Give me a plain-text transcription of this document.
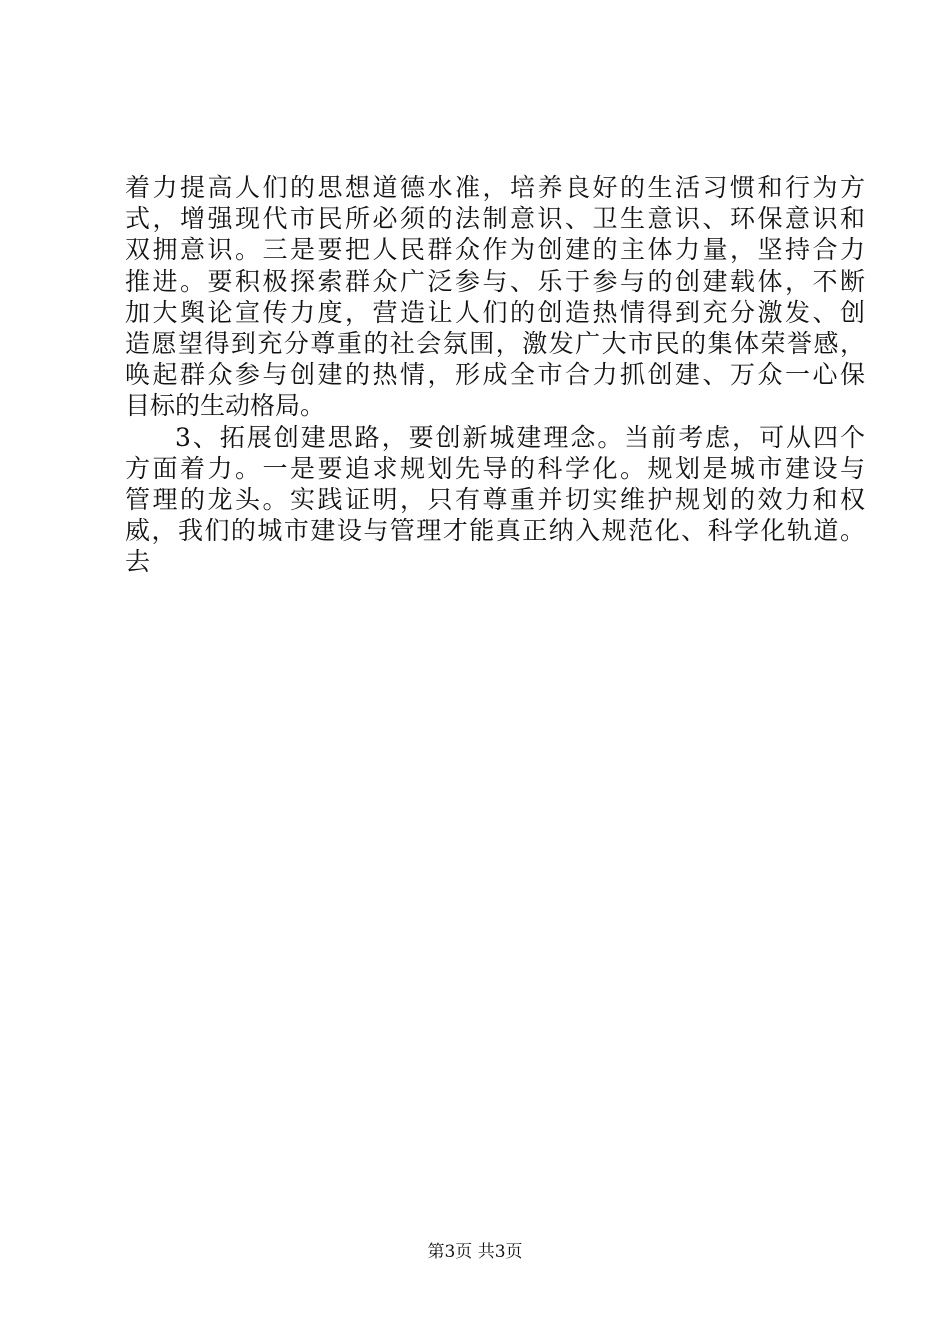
着力提高人们的思想道德水准，培养良好的生活习惯和行为方
式，增强现代市民所必须的法制意识、卫生意识、环保意识和
双拥意识。三是要把人民群众作为创建的主体力量，坚持合力
推进。要积极探索群众广泛参与、乐于参与的创建载体，不断
加大舆论宣传力度，营造让人们的创造热情得到充分激发、创
造愿望得到充分尊重的社会氛围，激发广大市民的集体荣誉感，
唤起群众参与创建的热情，形成全市合力抓创建、万众一心保
目标的生动格局。
3、拓展创建思路，要创新城建理念。当前考虑，可从四个
方面着力。一是要追求规划先导的科学化。规划是城市建设与
管理的龙头。实践证明，只有尊重并切实维护规划的效力和权
威，我们的城市建设与管理才能真正纳入规范化、科学化轨道。
去
第3页 共3页
